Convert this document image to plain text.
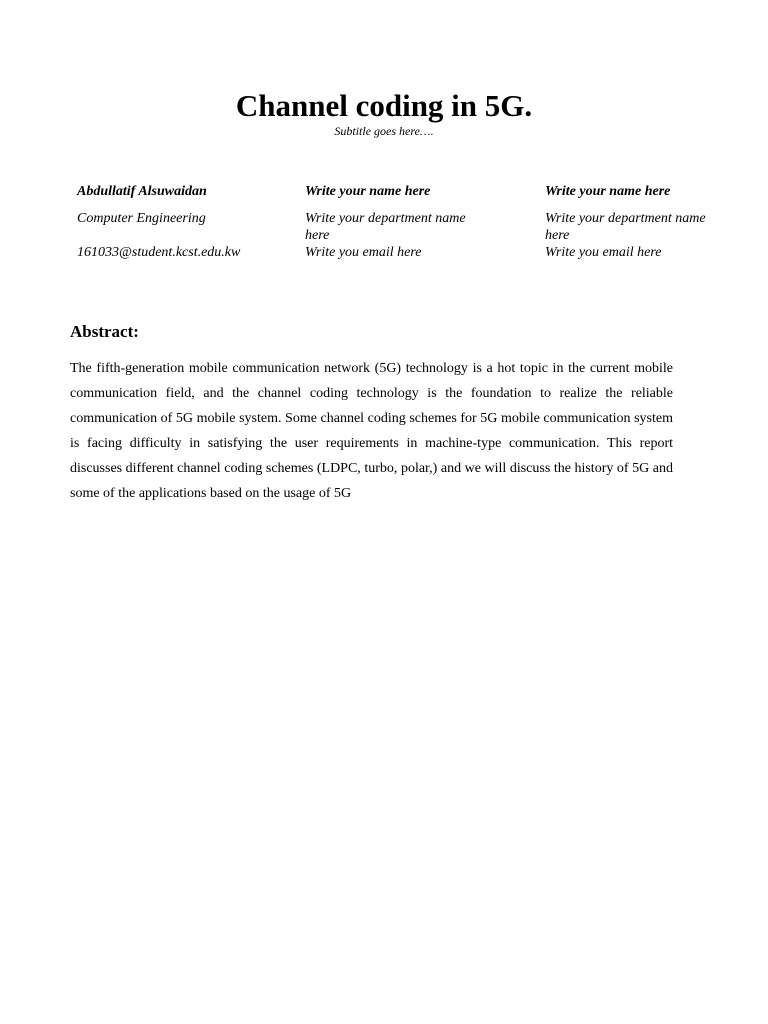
Channel coding in 5G.

Subtitle goes here….

Abdullatif Alsuwaidan
Computer Engineering
161033@student.kcst.edu.kw
Write your name here
Write your department name here
Write you email here
Write your name here
Write your department name here
Write you email here
Abstract:

The fifth-generation mobile communication network (5G) technology is a hot topic in the current mobile communication field, and the channel coding technology is the foundation to realize the reliable communication of 5G mobile system. Some channel coding schemes for 5G mobile communication system is facing difficulty in satisfying the user requirements in machine-type communication. This report discusses different channel coding schemes (LDPC, turbo, polar,) and we will discuss the history of 5G and some of the applications based on the usage of 5G
